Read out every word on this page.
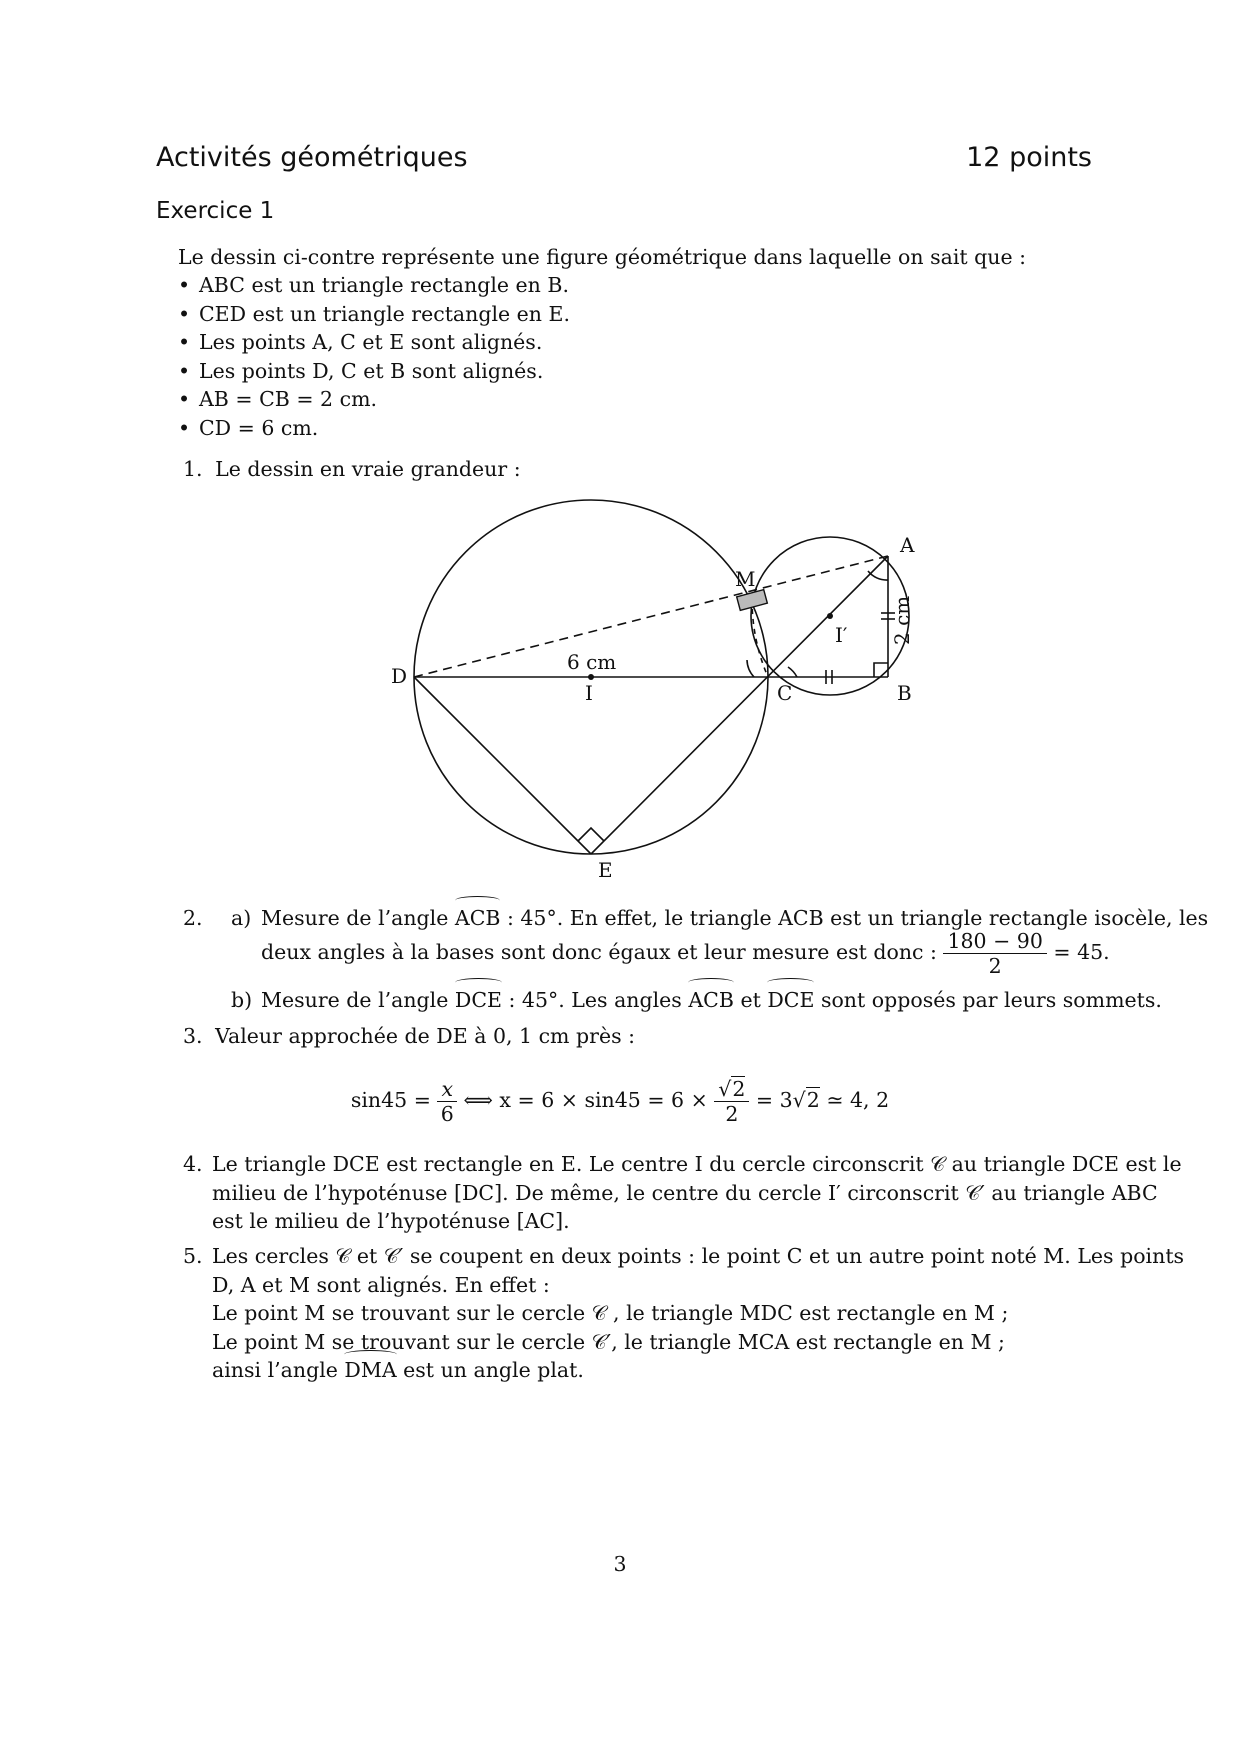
Activités géométriques	12 points
Exercice 1
Le dessin ci-contre représente une figure géométrique dans laquelle on sait que :
• ABC est un triangle rectangle en B.
• CED est un triangle rectangle en E.
• Les points A, C et E sont alignés.
• Les points D, C et B sont alignés.
• AB = CB = 2 cm.
• CD = 6 cm.
1. Le dessin en vraie grandeur :
A
B
C
D
E
I
I′
M
6 cm
2 cm
2. a) Mesure de l’angle ACB : 45°. En effet, le triangle ACB est un triangle rectangle isocèle, les
deux angles à la bases sont donc égaux et leur mesure est donc : $\frac{180 - 90}{2} = 45$.
b) Mesure de l’angle DCE : 45°. Les angles ACB et DCE sont opposés par leurs sommets.
3. Valeur approchée de DE à 0, 1 cm près :
$\sin 45 = \frac{x}{6}$ ⟺ $x = 6 \times \sin 45 = 6 \times \frac{√2}{2} = 3√2$ ≃ 4, 2
4. Le triangle DCE est rectangle en E. Le centre I du cercle circonscrit 𝒞 au triangle DCE est le
milieu de l’hypoténuse [DC]. De même, le centre du cercle I′ circonscrit 𝒞′ au triangle ABC
est le milieu de l’hypoténuse [AC].
5. Les cercles 𝒞 et 𝒞′ se coupent en deux points : le point C et un autre point noté M. Les points
D, A et M sont alignés. En effet :
Le point M se trouvant sur le cercle 𝒞 , le triangle MDC est rectangle en M ;
Le point M se trouvant sur le cercle 𝒞′, le triangle MCA est rectangle en M ;
ainsi l’angle DMA est un angle plat.
3
